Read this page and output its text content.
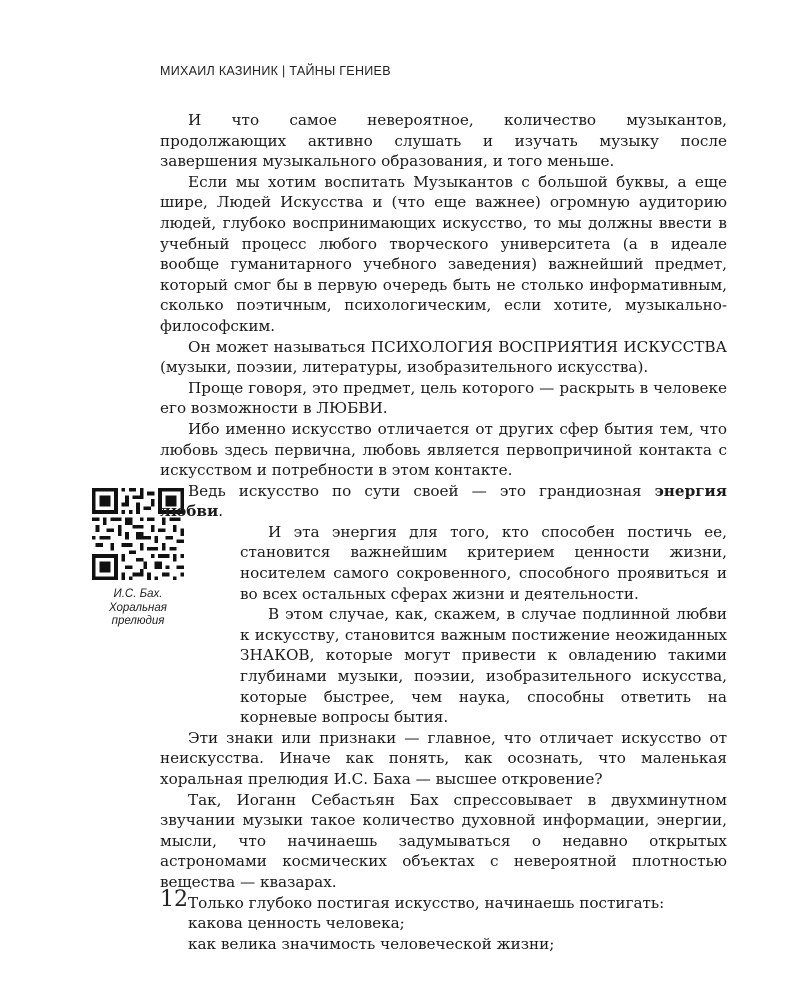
МИХАИЛ КАЗИНИК | ТАЙНЫ ГЕНИЕВ
И.С. Бах.
Хоральная
прелюдия

И что самое невероятное, количество музыкантов, продолжающих активно слушать и изучать музыку после завершения музыкального образования, и того меньше.

Если мы хотим воспитать Музыкантов с большой буквы, а еще шире, Людей Искусства и (что еще важнее) огромную аудиторию людей, глубоко воспринимающих искусство, то мы должны ввести в учебный процесс любого творческого университета (а в идеале вообще гуманитарного учебного заведения) важнейший предмет, который смог бы в первую очередь быть не столько информативным, сколько поэтичным, психологическим, если хотите, музыкально-философским.

Он может называться ПСИХОЛОГИЯ ВОСПРИЯТИЯ ИСКУССТВА (музыки, поэзии, литературы, изобразительного искусства).

Проще говоря, это предмет, цель которого — раскрыть в человеке его возможности в ЛЮБВИ.

Ибо именно искусство отличается от других сфер бытия тем, что любовь здесь первична, любовь является первопричиной контакта с искусством и потребности в этом контакте.

Ведь искусство по сути своей — это грандиозная энергия любви.

И эта энергия для того, кто способен постичь ее, становится важнейшим критерием ценности жизни, носителем самого сокровенного, способного проявиться и во всех остальных сферах жизни и деятельности.

В этом случае, как, скажем, в случае подлинной любви к искусству, становится важным постижение неожиданных ЗНАКОВ, которые могут привести к овладению такими глубинами музыки, поэзии, изобразительного искусства, которые быстрее, чем наука, способны ответить на корневые вопросы бытия.

Эти знаки или признаки — главное, что отличает искусство от неискусства. Иначе как понять, как осознать, что маленькая хоральная прелюдия И.С. Баха — высшее откровение?

Так, Иоганн Себастьян Бах спрессовывает в двухминутном звучании музыки такое количество духовной информации, энергии, мысли, что начинаешь задумываться о недавно открытых астрономами космических объектах с невероятной плотностью вещества — квазарах.

Только глубоко постигая искусство, начинаешь постигать:

какова ценность человека;

как велика значимость человеческой жизни;

12
